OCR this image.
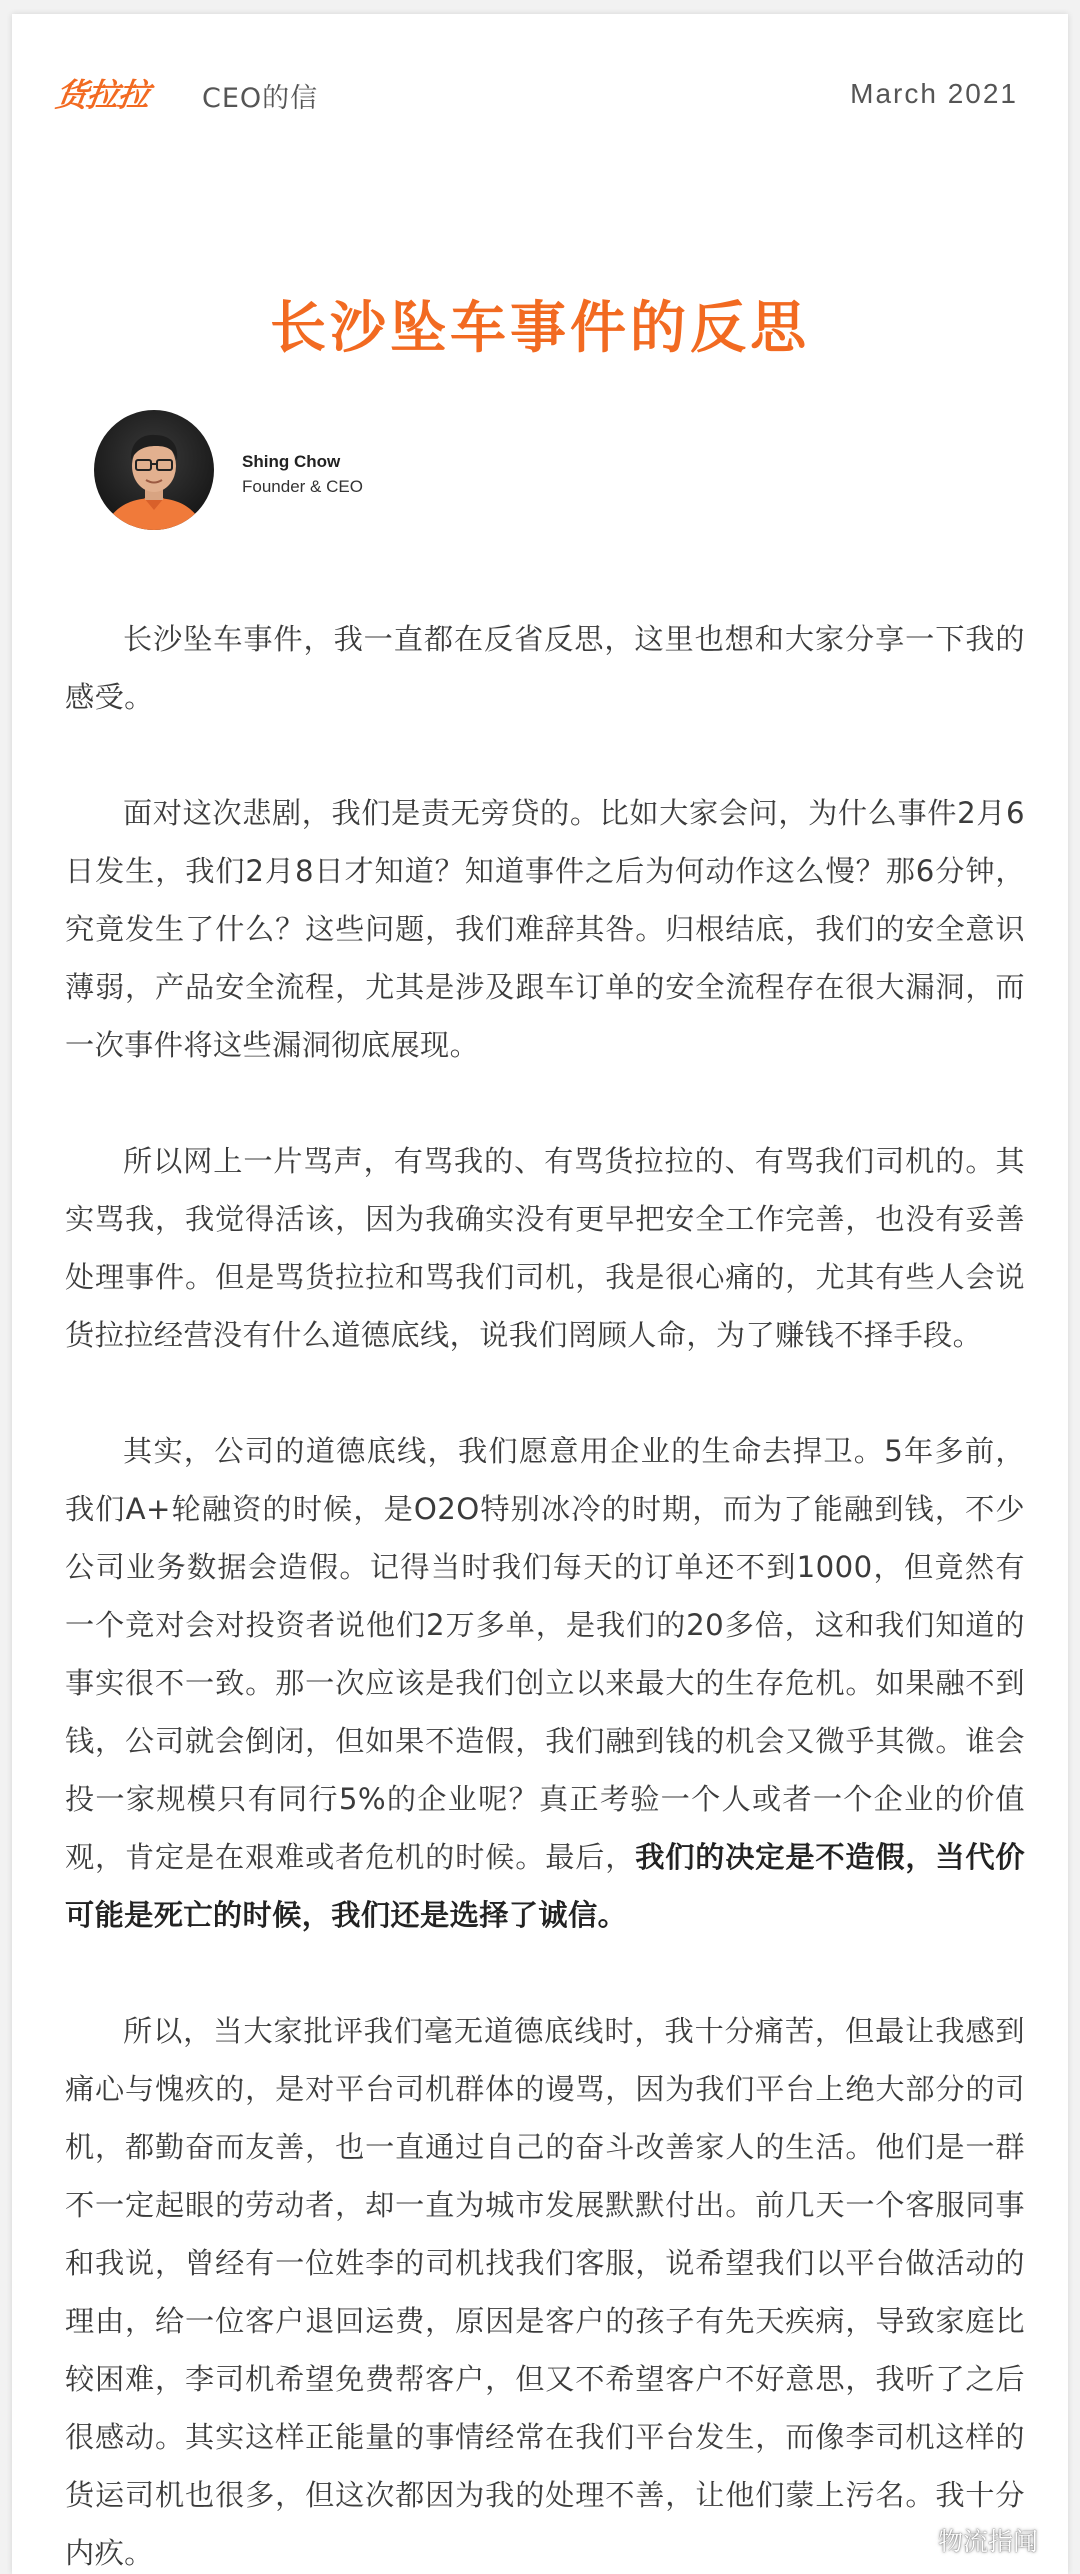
货拉拉 CEO的信	March 2021
长沙坠车事件的反思
Shing Chow
Founder & CEO

长沙坠车事件，我一直都在反省反思，这里也想和大家分享一下我的感受。

面对这次悲剧，我们是责无旁贷的。比如大家会问，为什么事件2月6日发生，我们2月8日才知道？知道事件之后为何动作这么慢？那6分钟，究竟发生了什么？这些问题，我们难辞其咎。归根结底，我们的安全意识薄弱，产品安全流程，尤其是涉及跟车订单的安全流程存在很大漏洞，而一次事件将这些漏洞彻底展现。

所以网上一片骂声，有骂我的、有骂货拉拉的、有骂我们司机的。其实骂我，我觉得活该，因为我确实没有更早把安全工作完善，也没有妥善处理事件。但是骂货拉拉和骂我们司机，我是很心痛的，尤其有些人会说货拉拉经营没有什么道德底线，说我们罔顾人命，为了赚钱不择手段。

其实，公司的道德底线，我们愿意用企业的生命去捍卫。5年多前，我们A+轮融资的时候，是O2O特别冰冷的时期，而为了能融到钱，不少公司业务数据会造假。记得当时我们每天的订单还不到1000，但竟然有一个竞对会对投资者说他们2万多单，是我们的20多倍，这和我们知道的事实很不一致。那一次应该是我们创立以来最大的生存危机。如果融不到钱，公司就会倒闭，但如果不造假，我们融到钱的机会又微乎其微。谁会投一家规模只有同行5%的企业呢？真正考验一个人或者一个企业的价值观，肯定是在艰难或者危机的时候。最后，我们的决定是不造假，当代价可能是死亡的时候，我们还是选择了诚信。

所以，当大家批评我们毫无道德底线时，我十分痛苦，但最让我感到痛心与愧疚的，是对平台司机群体的谩骂，因为我们平台上绝大部分的司机，都勤奋而友善，也一直通过自己的奋斗改善家人的生活。他们是一群不一定起眼的劳动者，却一直为城市发展默默付出。前几天一个客服同事和我说，曾经有一位姓李的司机找我们客服，说希望我们以平台做活动的理由，给一位客户退回运费，原因是客户的孩子有先天疾病，导致家庭比较困难，李司机希望免费帮客户，但又不希望客户不好意思，我听了之后很感动。其实这样正能量的事情经常在我们平台发生，而像李司机这样的货运司机也很多，但这次都因为我的处理不善，让他们蒙上污名。我十分内疚。	物流指闻
